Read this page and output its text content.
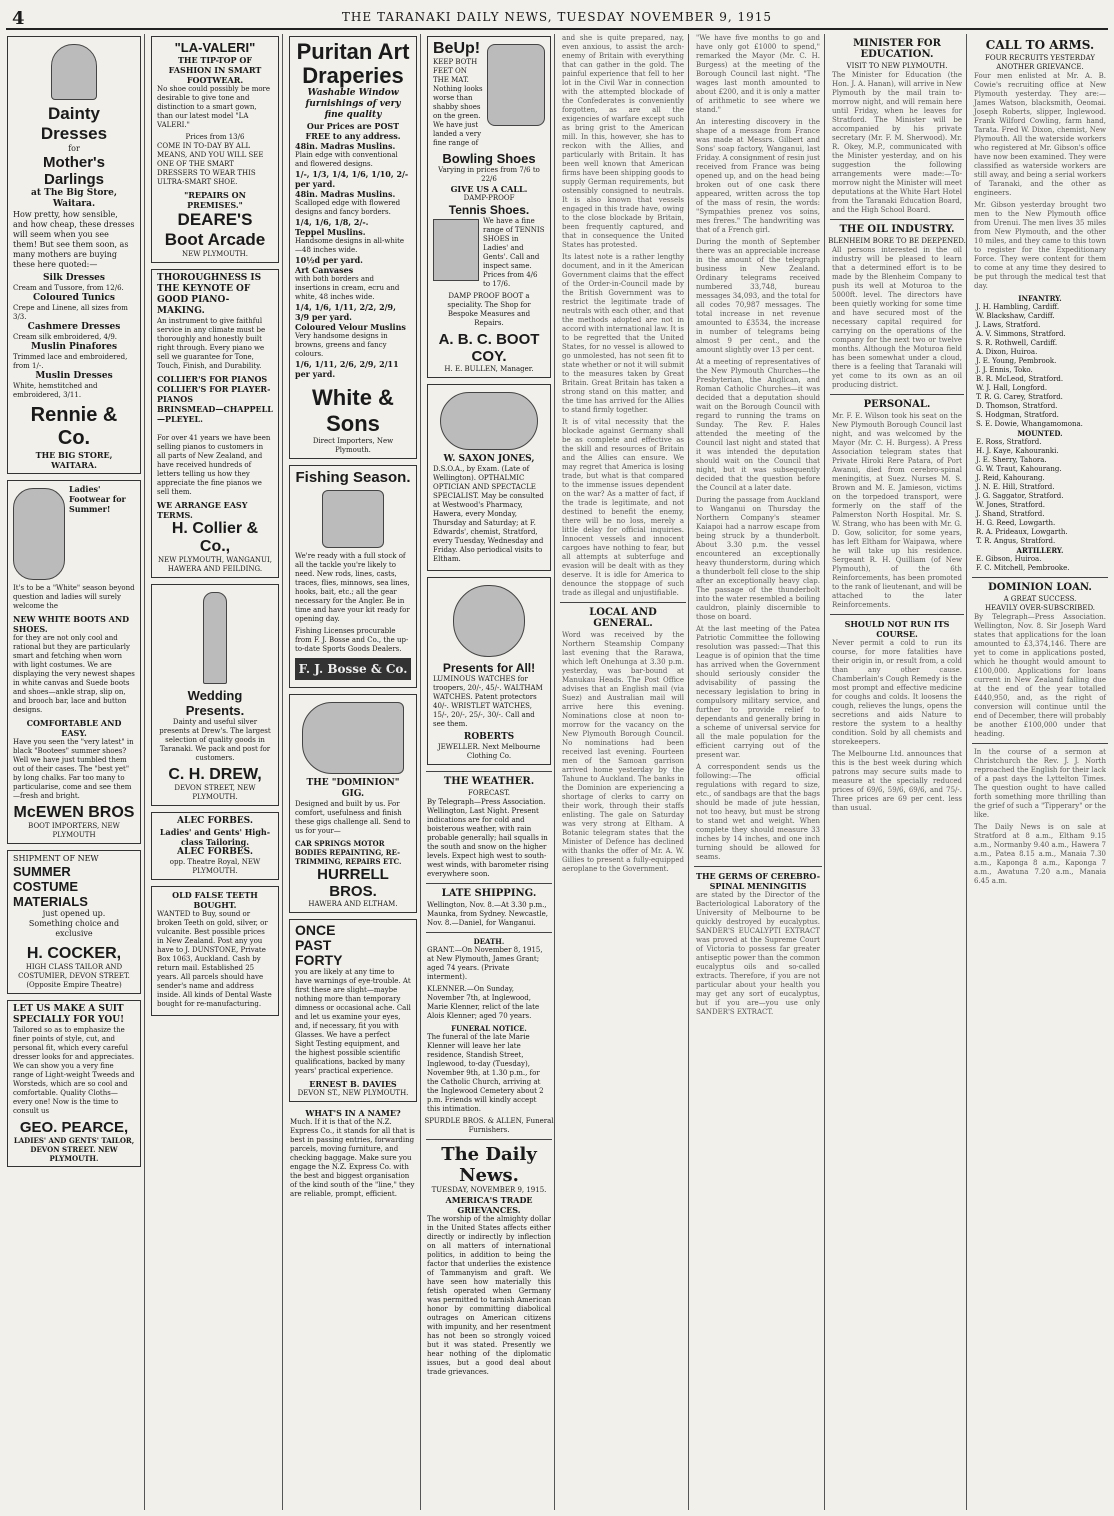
4	THE TARANAKI DAILY NEWS, TUESDAY NOVEMBER 9, 1915
Dainty Dresses
for
Mother's Darlings
at The Big Store, Waitara.

How pretty, how sensible, and how cheap, these dresses will seem when you see them! But see them soon, as many mothers are buying these here quoted:—

Silk Dresses
Cream and Tussore, from 12/6.
Coloured Tunics
Crepe and Linene, all sizes from 3/3.
Cashmere Dresses
Cream silk embroidered, 4/9.
Muslin Pinafores
Trimmed lace and embroidered, from 1/-.
Muslin Dresses
White, hemstitched and embroidered, 3/11.
Rennie & Co.
THE BIG STORE, WAITARA.
Ladies' Footwear for Summer!

It's to be a "White" season beyond question and ladies will surely welcome the

NEW WHITE BOOTS AND SHOES.

for they are not only cool and rational but they are particularly smart and fetching when worn with light costumes. We are displaying the very newest shapes in white canvas and Suede boots and shoes—ankle strap, slip on, and brooch bar, lace and button designs.

COMFORTABLE AND EASY.

Have you seen the "very latest" in black "Bootees" summer shoes? Well we have just tumbled them out of their cases. The "best yet" by long chalks. Far too many to particularise, come and see them—fresh and bright.

McEWEN BROS
BOOT IMPORTERS, NEW PLYMOUTH
SHIPMENT OF NEW
SUMMER COSTUME MATERIALS
just opened up.
Something choice and exclusive
H. COCKER,
HIGH CLASS TAILOR AND COSTUMIER, DEVON STREET. (Opposite Empire Theatre)
LET US MAKE A SUIT SPECIALLY FOR YOU!

Tailored so as to emphasize the finer points of style, cut, and personal fit, which every careful dresser looks for and appreciates. We can show you a very fine range of Light-weight Tweeds and Worsteds, which are so cool and comfortable. Quality Cloths—every one! Now is the time to consult us

GEO. PEARCE,
LADIES' AND GENTS' TAILOR, DEVON STREET. NEW PLYMOUTH.
"LA-VALERI"
THE TIP-TOP OF FASHION IN SMART FOOTWEAR.

No shoe could possibly be more desirable to give tone and distinction to a smart gown, than our latest model "LA VALERI."

Prices from 13/6

COME IN TO-DAY BY ALL MEANS, AND YOU WILL SEE ONE OF THE SMART DRESSERS TO WEAR THIS ULTRA-SMART SHOE.

"REPAIRS ON PREMISES."
DEARE'S Boot Arcade
NEW PLYMOUTH.
THOROUGHNESS IS THE KEYNOTE OF GOOD PIANO-MAKING.

An instrument to give faithful service in any climate must be thoroughly and honestly built right through. Every piano we sell we guarantee for Tone, Touch, Finish, and Durability.

COLLIER'S FOR PIANOS COLLIER'S FOR PLAYER-PIANOS
BRINSMEAD—CHAPPELL—PLEYEL.

For over 41 years we have been selling pianos to customers in all parts of New Zealand, and have received hundreds of letters telling us how they appreciate the fine pianos we sell them.

WE ARRANGE EASY TERMS.
H. Collier & Co.,
NEW PLYMOUTH, WANGANUI, HAWERA AND FEILDING.
Wedding Presents.

Dainty and useful silver presents at Drew's. The largest selection of quality goods in Taranaki. We pack and post for customers.

C. H. DREW,
DEVON STREET, NEW PLYMOUTH.
ALEC FORBES.
Ladies' and Gents' High-class Tailoring.
ALEC FORBES.
opp. Theatre Royal, NEW PLYMOUTH.
OLD FALSE TEETH BOUGHT.

WANTED to Buy, sound or broken Teeth on gold, silver, or vulcanite. Best possible prices in New Zealand. Post any you have to J. DUNSTONE, Private Box 1063, Auckland. Cash by return mail. Established 25 years. All parcels should have sender's name and address inside. All kinds of Dental Waste bought for re-manufacturing.

Puritan Art Draperies
Washable Window furnishings of very fine quality
Our Prices are POST FREE to any address.
48in. Madras Muslins.
Plain edge with conventional and flowered designs.
1/-, 1/3, 1/4, 1/6, 1/10, 2/- per yard.
48in. Madras Muslins.
Scalloped edge with flowered designs and fancy borders.
1/4, 1/6, 1/8, 2/-.
Teppel Muslins.
Handsome designs in all-white—48 inches wide.
10½d per yard.
Art Canvases
with both borders and insertions in cream, ecru and white, 48 inches wide.
1/4, 1/6, 1/11, 2/2, 2/9, 3/9 per yard.
Coloured Velour Muslins
Very handsome designs in browns, greens and fancy colours.
1/6, 1/11, 2/6, 2/9, 2/11 per yard.
White & Sons
Direct Importers, New Plymouth.
Fishing Season.

We're ready with a full stock of all the tackle you're likely to need. New rods, lines, casts, traces, flies, minnows, sea lines, hooks, bait, etc.; all the gear necessary for the Angler. Be in time and have your kit ready for opening day.

Fishing Licenses procurable from F. J. Bosse and Co., the up-to-date Sports Goods Dealers.

F. J. Bosse & Co.
THE "DOMINION" GIG.

Designed and built by us. For comfort, usefulness and finish these gigs challenge all. Send to us for your—

CAR SPRINGS MOTOR BODIES REPAINTING, RE-TRIMMING, REPAIRS ETC.
HURRELL BROS.
HAWERA AND ELTHAM.
ONCE PAST FORTY

you are likely at any time to have warnings of eye-trouble. At first these are slight—maybe nothing more than temporary dimness or occasional ache. Call and let us examine your eyes, and, if necessary, fit you with Glasses. We have a perfect Sight Testing equipment, and the highest possible scientific qualifications, backed by many years' practical experience.

ERNEST B. DAVIES
DEVON ST., NEW PLYMOUTH.
WHAT'S IN A NAME?

Much. If it is that of the N.Z. Express Co., it stands for all that is best in passing entries, forwarding parcels, moving furniture, and checking baggage. Make sure you engage the N.Z. Express Co. with the best and biggest organisation of the kind south of the "line," they are reliable, prompt, efficient.

BeUp!

KEEP BOTH FEET ON THE MAT. Nothing looks worse than shabby shoes on the green. We have just landed a very fine range of

Bowling Shoes
Varying in prices from 7/6 to 22/6
GIVE US A CALL.
DAMP-PROOF
Tennis Shoes.

We have a fine range of TENNIS SHOES in Ladies' and Gents'. Call and inspect same. Prices from 4/6 to 17/6.

DAMP PROOF BOOT a speciality. The Shop for Bespoke Measures and Repairs.

A. B. C. BOOT COY.
H. E. BULLEN, Manager.
W. SAXON JONES,

D.S.O.A., by Exam. (Late of Wellington). OPTHALMIC OPTICIAN AND SPECTACLE SPECIALIST. May be consulted at Westwood's Pharmacy, Hawera, every Monday, Thursday and Saturday; at F. Edwards', chemist, Stratford, every Tuesday, Wednesday and Friday. Also periodical visits to Eltham.

Presents for All!

LUMINOUS WATCHES for troopers, 20/-, 45/-. WALTHAM WATCHES. Patent protectors 40/-. WRISTLET WATCHES, 15/-, 20/-, 25/-, 30/-. Call and see them.

ROBERTS
JEWELLER. Next Melbourne Clothing Co.
THE WEATHER.
FORECAST.

By Telegraph—Press Association. Wellington, Last Night. Present indications are for cold and boisterous weather, with rain probable generally; hail squalls in the south and snow on the higher levels. Expect high west to south-west winds, with barometer rising everywhere soon.

LATE SHIPPING.

Wellington, Nov. 8.—At 3.30 p.m., Maunka, from Sydney. Newcastle, Nov. 8.—Daniel, for Wanganui.

DEATH.

GRANT.—On November 8, 1915, at New Plymouth, James Grant; aged 74 years. (Private interment).

KLENNER.—On Sunday, November 7th, at Inglewood, Marie Klenner, relict of the late Alois Klenner; aged 70 years.

FUNERAL NOTICE.

The funeral of the late Marie Klenner will leave her late residence, Standish Street, Inglewood, to-day (Tuesday), November 9th, at 1.30 p.m., for the Catholic Church, arriving at the Inglewood Cemetery about 2 p.m. Friends will kindly accept this intimation.

SPURDLE BROS. & ALLEN, Funeral Furnishers.
The Daily News.
TUESDAY, NOVEMBER 9, 1915.
AMERICA'S TRADE GRIEVANCES.

The worship of the almighty dollar in the United States affects either directly or indirectly by inflection on all matters of international politics, in addition to being the factor that underlies the existence of Tammanyism and graft. We have seen how materially this fetish operated when Germany was permitted to tarnish American honor by committing diabolical outrages on American citizens with impunity, and her resentment has not been so strongly voiced but it was stated. Presently we hear nothing of the diplomatic issues, but a good deal about trade grievances.

and she is quite prepared, nay, even anxious, to assist the arch-enemy of Britain with everything that can gather in the gold. The painful experience that fell to her lot in the Civil War in connection with the attempted blockade of the Confederates is conveniently forgotten, as are all the exigencies of warfare except such as bring grist to the American mill. In this, however, she has to reckon with the Allies, and particularly with Britain. It has been well known that American firms have been shipping goods to supply German requirements, but ostensibly consigned to neutrals. It is also known that vessels engaged in this trade have, owing to the close blockade by Britain, been frequently captured, and that in consequence the United States has protested.

Its latest note is a rather lengthy document, and in it the American Government claims that the effect of the Order-in-Council made by the British Government was to restrict the legitimate trade of neutrals with each other, and that the methods adopted are not in accord with international law. It is to be regretted that the United States, for no vessel is allowed to go unmolested, has not seen fit to state whether or not it will submit to the measures taken by Great Britain. Great Britain has taken a strong stand on this matter, and the time has arrived for the Allies to stand firmly together.

It is of vital necessity that the blockade against Germany shall be as complete and effective as the skill and resources of Britain and the Allies can ensure. We may regret that America is losing trade, but what is that compared to the immense issues dependent on the war? As a matter of fact, if the trade is legitimate, and not destined to benefit the enemy, there will be no loss, merely a little delay for official inquiries. Innocent vessels and innocent cargoes have nothing to fear, but all attempts at subterfuge and evasion will be dealt with as they deserve. It is idle for America to denounce the stoppage of such trade as illegal and unjustifiable.

LOCAL AND GENERAL.

Word was received by the Northern Steamship Company last evening that the Rarawa, which left Onehunga at 3.30 p.m. yesterday, was bar-bound at Manukau Heads. The Post Office advises that an English mail (via Suez) and Australian mail will arrive here this evening. Nominations close at noon to-morrow for the vacancy on the New Plymouth Borough Council. No nominations had been received last evening. Fourteen men of the Samoan garrison arrived home yesterday by the Tahune to Auckland. The banks in the Dominion are experiencing a shortage of clerks to carry on their work, through their staffs enlisting. The gale on Saturday was very strong at Eltham. A Botanic telegram states that the Minister of Defence has declined with thanks the offer of Mr. A. W. Gillies to present a fully-equipped aeroplane to the Government.

"We have five months to go and have only got £1000 to spend," remarked the Mayor (Mr. C. H. Burgess) at the meeting of the Borough Council last night. "The wages last month amounted to about £200, and it is only a matter of arithmetic to see where we stand."

An interesting discovery in the shape of a message from France was made at Messrs. Gilbert and Sons' soap factory, Wanganui, last Friday. A consignment of resin just received from France was being opened up, and on the head being broken out of one cask there appeared, written across the top of the mass of resin, the words: "Sympathies prenez vos soins, mes freres." The handwriting was that of a French girl.

During the month of September there was an appreciable increase in the amount of the telegraph business in New Zealand. Ordinary telegrams received numbered 33,748, bureau messages 34,093, and the total for all codes 70,987 messages. The total increase in net revenue amounted to £3534, the increase in number of telegrams being almost 9 per cent., and the amount slightly over 13 per cent.

At a meeting of representatives of the New Plymouth Churches—the Presbyterian, the Anglican, and Roman Catholic Churches—it was decided that a deputation should wait on the Borough Council with regard to running the trams on Sunday. The Rev. F. Hales attended the meeting of the Council last night and stated that it was intended the deputation should wait on the Council that night, but it was subsequently decided that the question before the Council at a later date.

During the passage from Auckland to Wanganui on Thursday the Northern Company's steamer Kaiapoi had a narrow escape from being struck by a thunderbolt. About 3.30 p.m. the vessel encountered an exceptionally heavy thunderstorm, during which a thunderbolt fell close to the ship after an exceptionally heavy clap. The passage of the thunderbolt into the water resembled a boiling cauldron, plainly discernible to those on board.

At the last meeting of the Patea Patriotic Committee the following resolution was passed:—That this League is of opinion that the time has arrived when the Government should seriously consider the advisability of passing the necessary legislation to bring in compulsory military service, and further to provide relief to dependants and generally bring in a scheme of universal service for all the male population for the efficient carrying out of the present war.

A correspondent sends us the following:—The official regulations with regard to size, etc., of sandbags are that the bags should be made of jute hessian, not too heavy, but must be strong to stand wet and weight. When complete they should measure 33 inches by 14 inches, and one inch turning should be allowed for seams.

THE GERMS OF CEREBRO-SPINAL MENINGITIS

are stated by the Director of the Bacteriological Laboratory of the University of Melbourne to be quickly destroyed by eucalyptus. SANDER'S EUCALYPTI EXTRACT was proved at the Supreme Court of Victoria to possess far greater antiseptic power than the common eucalyptus oils and so-called extracts. Therefore, if you are not particular about your health you may get any sort of eucalyptus, but if you are—you use only SANDER'S EXTRACT.

MINISTER FOR EDUCATION.
VISIT TO NEW PLYMOUTH.

The Minister for Education (the Hon. J. A. Hanan), will arrive in New Plymouth by the mail train to-morrow night, and will remain here until Friday, when he leaves for Stratford. The Minister will be accompanied by his private secretary (Mr. F. M. Sherwood). Mr. R. Okey, M.P., communicated with the Minister yesterday, and on his suggestion the following arrangements were made:—To-morrow night the Minister will meet deputations at the White Hart Hotel from the Taranaki Education Board, and the High School Board.

THE OIL INDUSTRY.
BLENHEIM BORE TO BE DEEPENED.

All persons interested in the oil industry will be pleased to learn that a determined effort is to be made by the Blenheim Company to push its well at Moturoa to the 5000ft. level. The directors have been quietly working for some time and have secured most of the necessary capital required for carrying on the operations of the company for the next two or twelve months. Although the Moturoa field has been somewhat under a cloud, there is a feeling that Taranaki will yet come to its own as an oil producing district.

PERSONAL.

Mr. F. E. Wilson took his seat on the New Plymouth Borough Council last night, and was welcomed by the Mayor (Mr. C. H. Burgess). A Press Association telegram states that Private Hiroki Rere Patara, of Port Awanui, died from cerebro-spinal meningitis, at Suez. Nurses M. S. Brown and M. E. Jamieson, victims on the torpedoed transport, were formerly on the staff of the Palmerston North Hospital. Mr. S. W. Strang, who has been with Mr. G. D. Gow, solicitor, for some years, has left Eltham for Waipawa, where he will take up his residence. Sergeant R. H. Quilliam (of New Plymouth), of the 6th Reinforcements, has been promoted to the rank of lieutenant, and will be attached to the later Reinforcements.

SHOULD NOT RUN ITS COURSE.

Never permit a cold to run its course, for more fatalities have their origin in, or result from, a cold than any other cause. Chamberlain's Cough Remedy is the most prompt and effective medicine for coughs and colds. It loosens the cough, relieves the lungs, opens the secretions and aids Nature to restore the system to a healthy condition. Sold by all chemists and storekeepers.

The Melbourne Ltd. announces that this is the best week during which patrons may secure suits made to measure at the specially reduced prices of 69/6, 59/6, 69/6, and 75/-. Three prices are 69 per cent. less than usual.

CALL TO ARMS.
FOUR RECRUITS YESTERDAY
ANOTHER GRIEVANCE.

Four men enlisted at Mr. A. B. Cowie's recruiting office at New Plymouth yesterday. They are:— James Watson, blacksmith, Oeomai. Joseph Roberts, slipper, Inglewood. Frank Wilford Cowling, farm hand, Tarata. Fred W. Dixon, chemist, New Plymouth. All the waterside workers who registered at Mr. Gibson's office have now been examined. They were classified as waterside workers are still away, and being a serial workers of Taranaki, and the other as engineers.

Mr. Gibson yesterday brought two men to the New Plymouth office from Urenui. The men lives 35 miles from New Plymouth, and the other 10 miles, and they came to this town to register for the Expeditionary Force. They were content for them to come at any time they desired to be put through the medical test that day.

INFANTRY.
J. H. Hambling, Cardiff.
W. Blackshaw, Cardiff.
J. Laws, Stratford.
A. V. Simmons, Stratford.
S. R. Rothwell, Cardiff.
A. Dixon, Huiroa.
J. E. Young, Pembrook.
J. J. Ennis, Toko.
B. R. McLeod, Stratford.
W. J. Hall, Longford.
T. R. G. Carey, Stratford.
D. Thomson, Stratford.
S. Hodgman, Stratford.
S. E. Dowie, Whangamomona.
MOUNTED.
E. Ross, Stratford.
H. J. Kaye, Kahouranki.
J. E. Sherry, Tahora.
G. W. Traut, Kahourang.
J. Reid, Kahourang.
J. N. E. Hill, Stratford.
J. G. Saggator, Stratford.
W. Jones, Stratford.
J. Shand, Stratford.
H. G. Reed, Lowgarth.
R. A. Prideaux, Lowgarth.
T. R. Angus, Stratford.
ARTILLERY.
E. Gibson, Huiroa.
F. C. Mitchell, Pembrooke.
DOMINION LOAN.
A GREAT SUCCESS.
HEAVILY OVER-SUBSCRIBED.

By Telegraph—Press Association. Wellington, Nov. 8. Sir Joseph Ward states that applications for the loan amounted to £3,374,146. There are yet to come in applications posted, which he thought would amount to £100,000. Applications for loans current in New Zealand falling due at the end of the year totalled £440,950, and, as the right of conversion will continue until the end of December, there will probably be another £100,000 under that heading.

In the course of a sermon at Christchurch the Rev. J. J. North reproached the English for their lack of a past days the Lyttelton Times. The question ought to have called forth something more thrilling than the grief of such a "Tipperary" or the like.

The Daily News is on sale at Stratford at 8 a.m., Eltham 9.15 a.m., Normanby 9.40 a.m., Hawera 7 a.m., Patea 8.15 a.m., Manaia 7.30 a.m., Kaponga 8 a.m., Kaponga 7 a.m., Awatuna 7.20 a.m., Manaia 6.45 a.m.
